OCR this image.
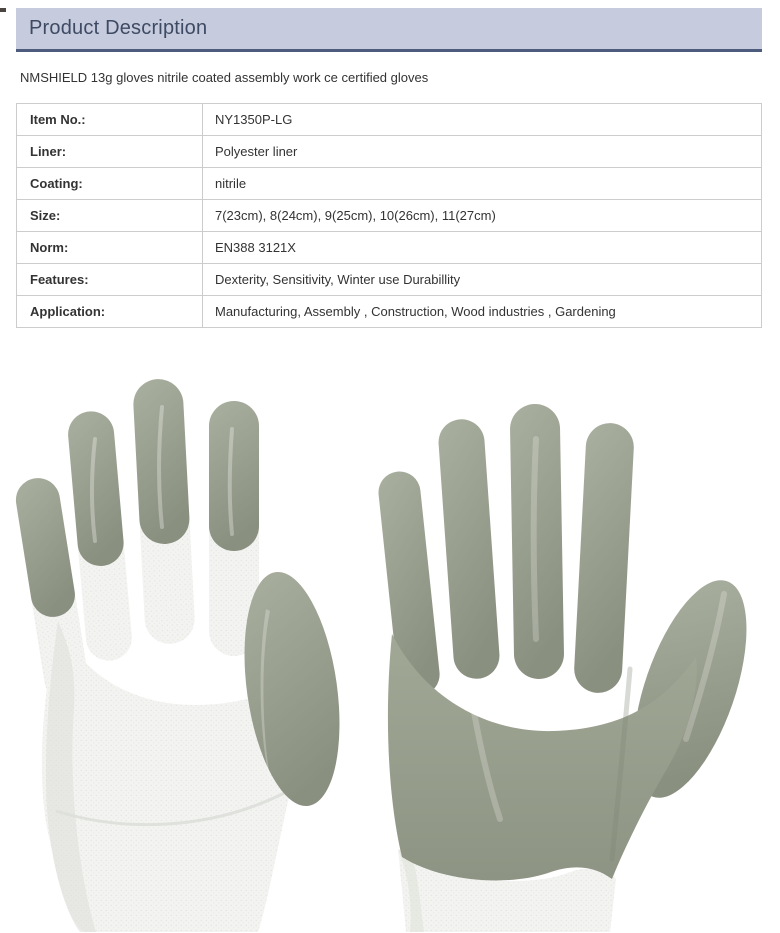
Product Description

NMSHIELD 13g gloves nitrile coated assembly work ce certified gloves

Item No.:	NY1350P-LG
Liner:	Polyester liner
Coating:	nitrile
Size:	7(23cm), 8(24cm), 9(25cm), 10(26cm), 11(27cm)
Norm:	EN388 3121X
Features:	Dexterity, Sensitivity, Winter use Durabillity
Application:	Manufacturing, Assembly , Construction, Wood industries , Gardening
